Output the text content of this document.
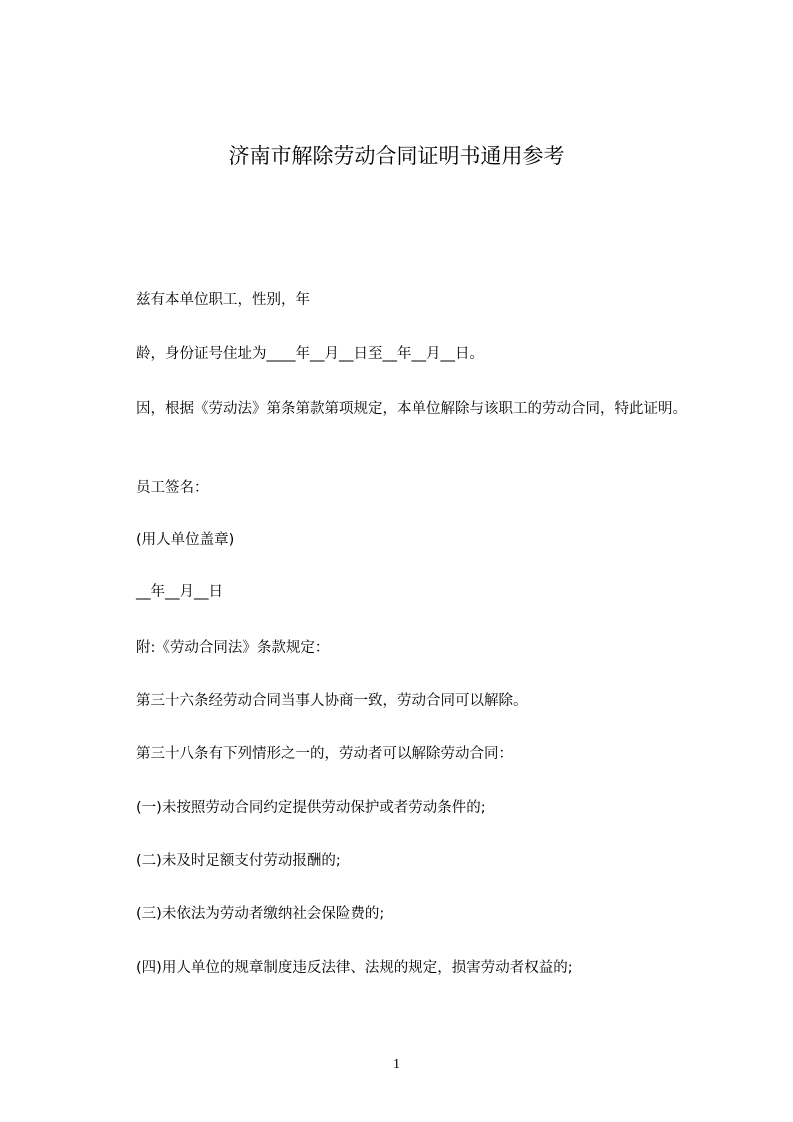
济南市解除劳动合同证明书通用参考
兹有本单位职工，性别，年
龄，身份证号住址为____年__月__日至__年__月__日。
因，根据《劳动法》第条第款第项规定，本单位解除与该职工的劳动合同，特此证明。
员工签名：
(用人单位盖章)
__年__月__日
附:《劳动合同法》条款规定：
第三十六条经劳动合同当事人协商一致，劳动合同可以解除。
第三十八条有下列情形之一的，劳动者可以解除劳动合同：
(一)未按照劳动合同约定提供劳动保护或者劳动条件的;
(二)未及时足额支付劳动报酬的;
(三)未依法为劳动者缴纳社会保险费的;
(四)用人单位的规章制度违反法律、法规的规定，损害劳动者权益的;
1
